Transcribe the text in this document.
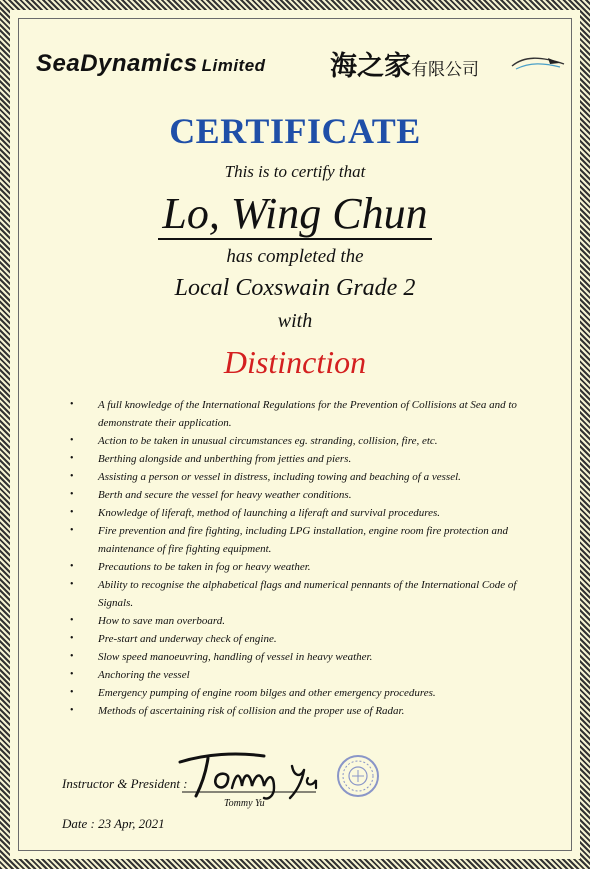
SeaDynamics Limited 海之家有限公司
CERTIFICATE
This is to certify that
Lo, Wing Chun
has completed the
Local Coxswain Grade 2
with
Distinction
• A full knowledge of the International Regulations for the Prevention of Collisions at Sea and to demonstrate their application.
• Action to be taken in unusual circumstances eg. stranding, collision, fire, etc.
• Berthing alongside and unberthing from jetties and piers.
• Assisting a person or vessel in distress, including towing and beaching of a vessel.
• Berth and secure the vessel for heavy weather conditions.
• Knowledge of liferaft, method of launching a liferaft and survival procedures.
• Fire prevention and fire fighting, including LPG installation, engine room fire protection and maintenance of fire fighting equipment.
• Precautions to be taken in fog or heavy weather.
• Ability to recognise the alphabetical flags and numerical pennants of the International Code of Signals.
• How to save man overboard.
• Pre-start and underway check of engine.
• Slow speed manoeuvring, handling of vessel in heavy weather.
• Anchoring the vessel
• Emergency pumping of engine room bilges and other emergency procedures.
• Methods of ascertaining risk of collision and the proper use of Radar.
Instructor & President :
Tommy Yu
Date : 23 Apr, 2021
